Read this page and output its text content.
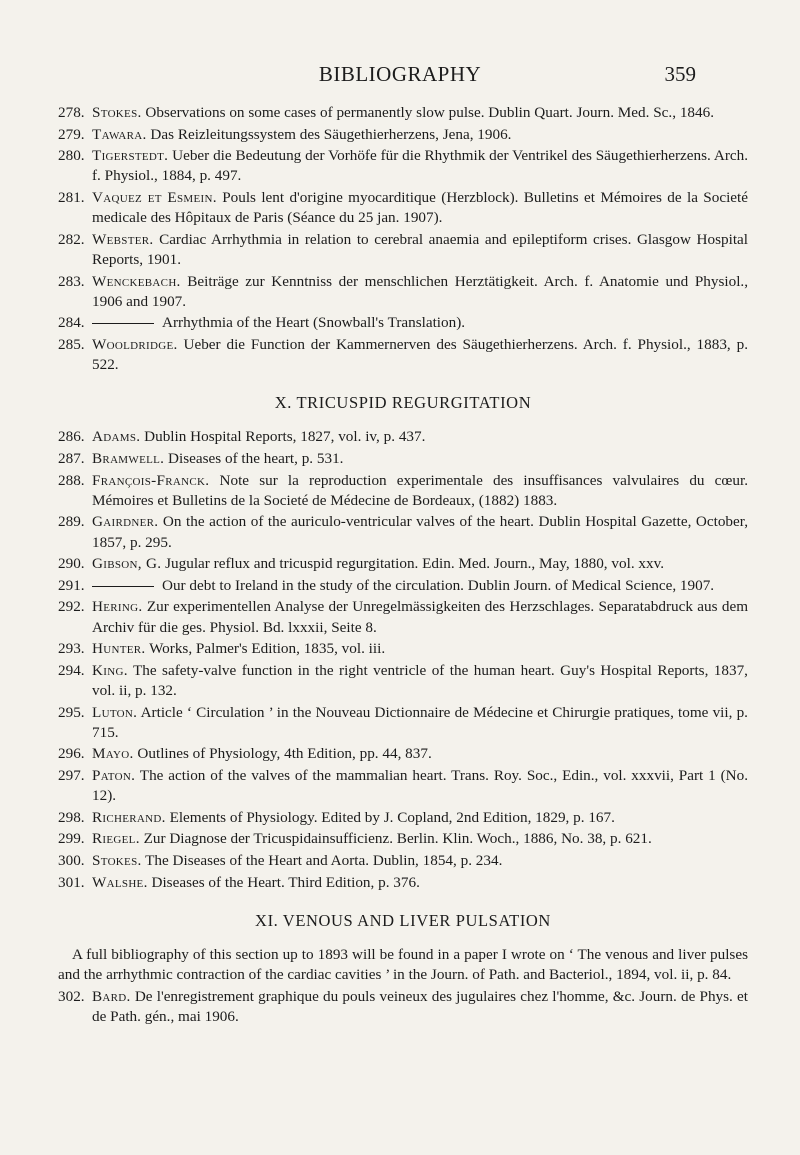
BIBLIOGRAPHY	359
278. Stokes. Observations on some cases of permanently slow pulse. Dublin Quart. Journ. Med. Sc., 1846.
279. Tawara. Das Reizleitungssystem des Säugethierherzens, Jena, 1906.
280. Tigerstedt. Ueber die Bedeutung der Vorhöfe für die Rhythmik der Ventrikel des Säugethierherzens. Arch. f. Physiol., 1884, p. 497.
281. Vaquez et Esmein. Pouls lent d'origine myocarditique (Herzblock). Bulletins et Mémoires de la Societé medicale des Hôpitaux de Paris (Séance du 25 jan. 1907).
282. Webster. Cardiac Arrhythmia in relation to cerebral anaemia and epileptiform crises. Glasgow Hospital Reports, 1901.
283. Wenckebach. Beiträge zur Kenntniss der menschlichen Herztätigkeit. Arch. f. Anatomie und Physiol., 1906 and 1907.
284.	Arrhythmia of the Heart (Snowball's Translation).
285. Wooldridge. Ueber die Function der Kammernerven des Säugethierherzens. Arch. f. Physiol., 1883, p. 522.
X. TRICUSPID REGURGITATION
286. Adams. Dublin Hospital Reports, 1827, vol. iv, p. 437.
287. Bramwell. Diseases of the heart, p. 531.
288. François-Franck. Note sur la reproduction experimentale des insuffisances valvulaires du cœur. Mémoires et Bulletins de la Societé de Médecine de Bordeaux, (1882) 1883.
289. Gairdner. On the action of the auriculo-ventricular valves of the heart. Dublin Hospital Gazette, October, 1857, p. 295.
290. Gibson, G. Jugular reflux and tricuspid regurgitation. Edin. Med. Journ., May, 1880, vol. xxv.
291.	Our debt to Ireland in the study of the circulation. Dublin Journ. of Medical Science, 1907.
292. Hering. Zur experimentellen Analyse der Unregelmässigkeiten des Herzschlages. Separatabdruck aus dem Archiv für die ges. Physiol. Bd. lxxxii, Seite 8.
293. Hunter. Works, Palmer's Edition, 1835, vol. iii.
294. King. The safety-valve function in the right ventricle of the human heart. Guy's Hospital Reports, 1837, vol. ii, p. 132.
295. Luton. Article ‘ Circulation ’ in the Nouveau Dictionnaire de Médecine et Chirurgie pratiques, tome vii, p. 715.
296. Mayo. Outlines of Physiology, 4th Edition, pp. 44, 837.
297. Paton. The action of the valves of the mammalian heart. Trans. Roy. Soc., Edin., vol. xxxvii, Part 1 (No. 12).
298. Richerand. Elements of Physiology. Edited by J. Copland, 2nd Edition, 1829, p. 167.
299. Riegel. Zur Diagnose der Tricuspidainsufficienz. Berlin. Klin. Woch., 1886, No. 38, p. 621.
300. Stokes. The Diseases of the Heart and Aorta. Dublin, 1854, p. 234.
301. Walshe. Diseases of the Heart. Third Edition, p. 376.
XI. VENOUS AND LIVER PULSATION

A full bibliography of this section up to 1893 will be found in a paper I wrote on ‘ The venous and liver pulses and the arrhythmic contraction of the cardiac cavities ’ in the Journ. of Path. and Bacteriol., 1894, vol. ii, p. 84.

302. Bard. De l'enregistrement graphique du pouls veineux des jugulaires chez l'homme, &c. Journ. de Phys. et de Path. gén., mai 1906.
